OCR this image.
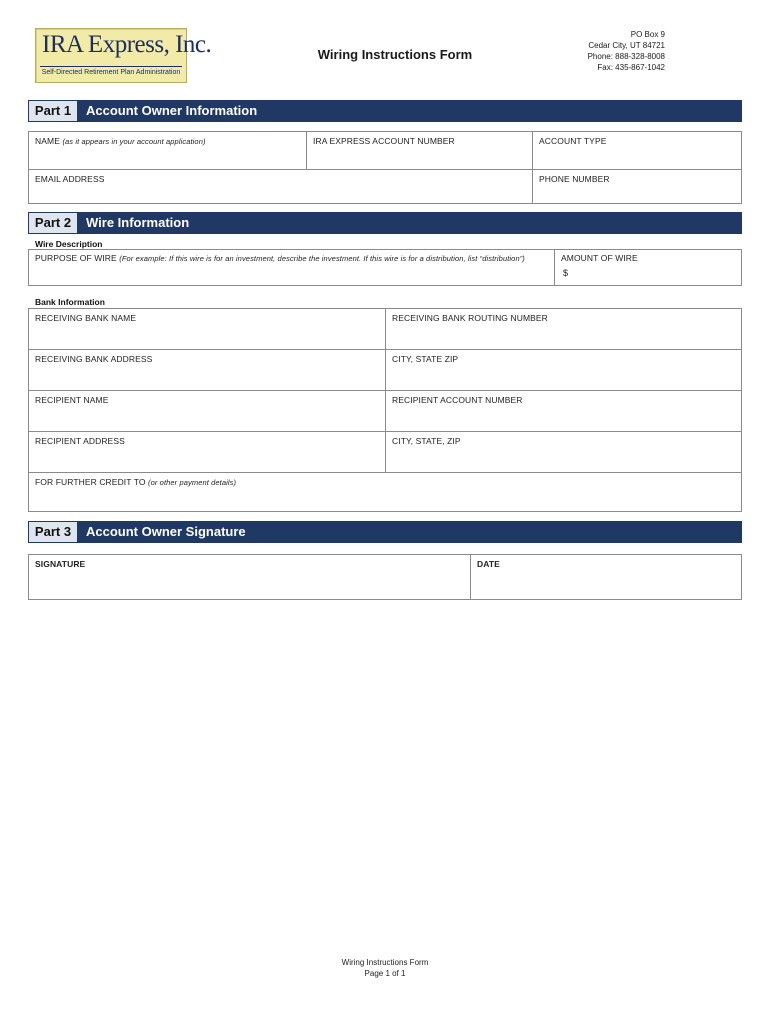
IRA Express, Inc.
Self-Directed Retirement Plan Administration
Wiring Instructions Form
PO Box 9
Cedar City, UT 84721
Phone: 888-328-8008
Fax: 435-867-1042
Part 1	Account Owner Information
NAME (as it appears in your account application)	IRA EXPRESS ACCOUNT NUMBER	ACCOUNT TYPE
EMAIL ADDRESS	PHONE NUMBER
Part 2	Wire Information
Wire Description
PURPOSE OF WIRE (For example: If this wire is for an investment, describe the investment. If this wire is for a distribution, list “distribution”)	AMOUNT OF WIRE
$
Bank Information
RECEIVING BANK NAME	RECEIVING BANK ROUTING NUMBER
RECEIVING BANK ADDRESS	CITY, STATE ZIP
RECIPIENT NAME	RECIPIENT ACCOUNT NUMBER
RECIPIENT ADDRESS	CITY, STATE, ZIP
FOR FURTHER CREDIT TO (or other payment details)
Part 3	Account Owner Signature
SIGNATURE	DATE
Wiring Instructions Form
Page 1 of 1
